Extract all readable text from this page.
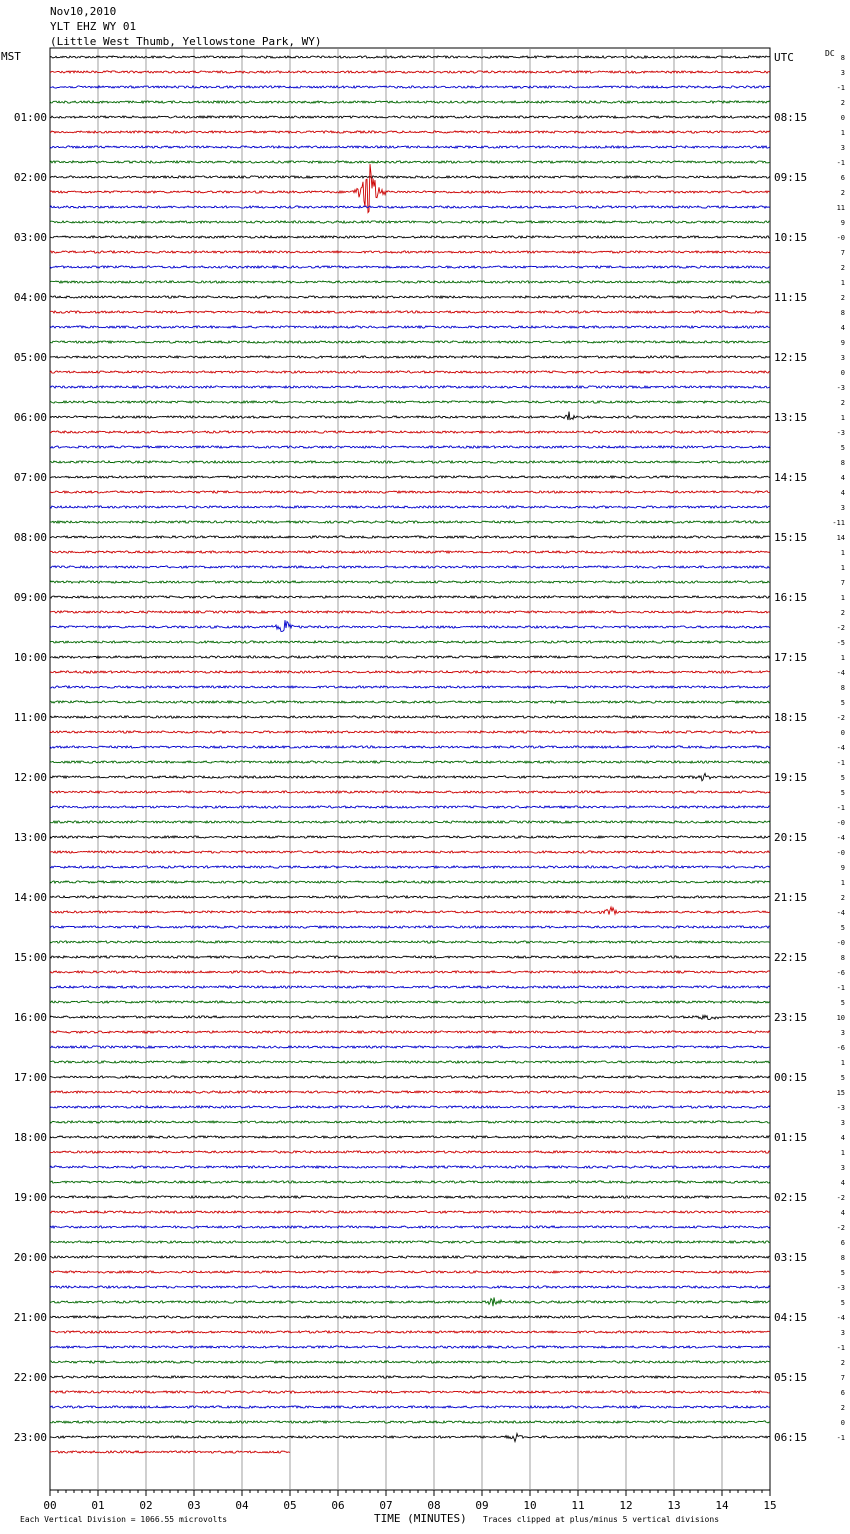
Nov10,2010
YLT EHZ WY 01
(Little West Thumb, Yellowstone Park, WY)
MST	DC
01:00
02:00
03:00
04:00
05:00
06:00
07:00
08:00
09:00
10:00
11:00
12:00
13:00
14:00
15:00
16:00
17:00
18:00
19:00
20:00
21:00
22:00
23:00
UTC
08:15
09:15
10:15
11:15
12:15
13:15
14:15
15:15
16:15
17:15
18:15
19:15
20:15
21:15
22:15
23:15
00:15
01:15
02:15
03:15
04:15
05:15
06:15
8
3
-1
2
0
1
3
-1
6
2
11
9
-0
7
2
1
2
8
4
9
3
0
-3
2
1
-3
5
8
4
4
3
-11
14
1
1
7
1
2
-2
-5
1
-4
8
5
-2
0
-4
-1
5
5
-1
-0
-4
-0
9
1
2
-4
5
-0
8
-6
-1
5
10
3
-6
1
5
15
-3
3
4
1
3
4
-2
4
-2
6
8
5
-3
5
-4
3
-1
2
7
6
2
0
-1
00	01	02	03	04	05	06	07	08	09	10	11	12	13	14	15
Each Vertical Division = 1066.55 microvolts	TIME (MINUTES) Traces clipped at plus/minus 5 vertical divisions
